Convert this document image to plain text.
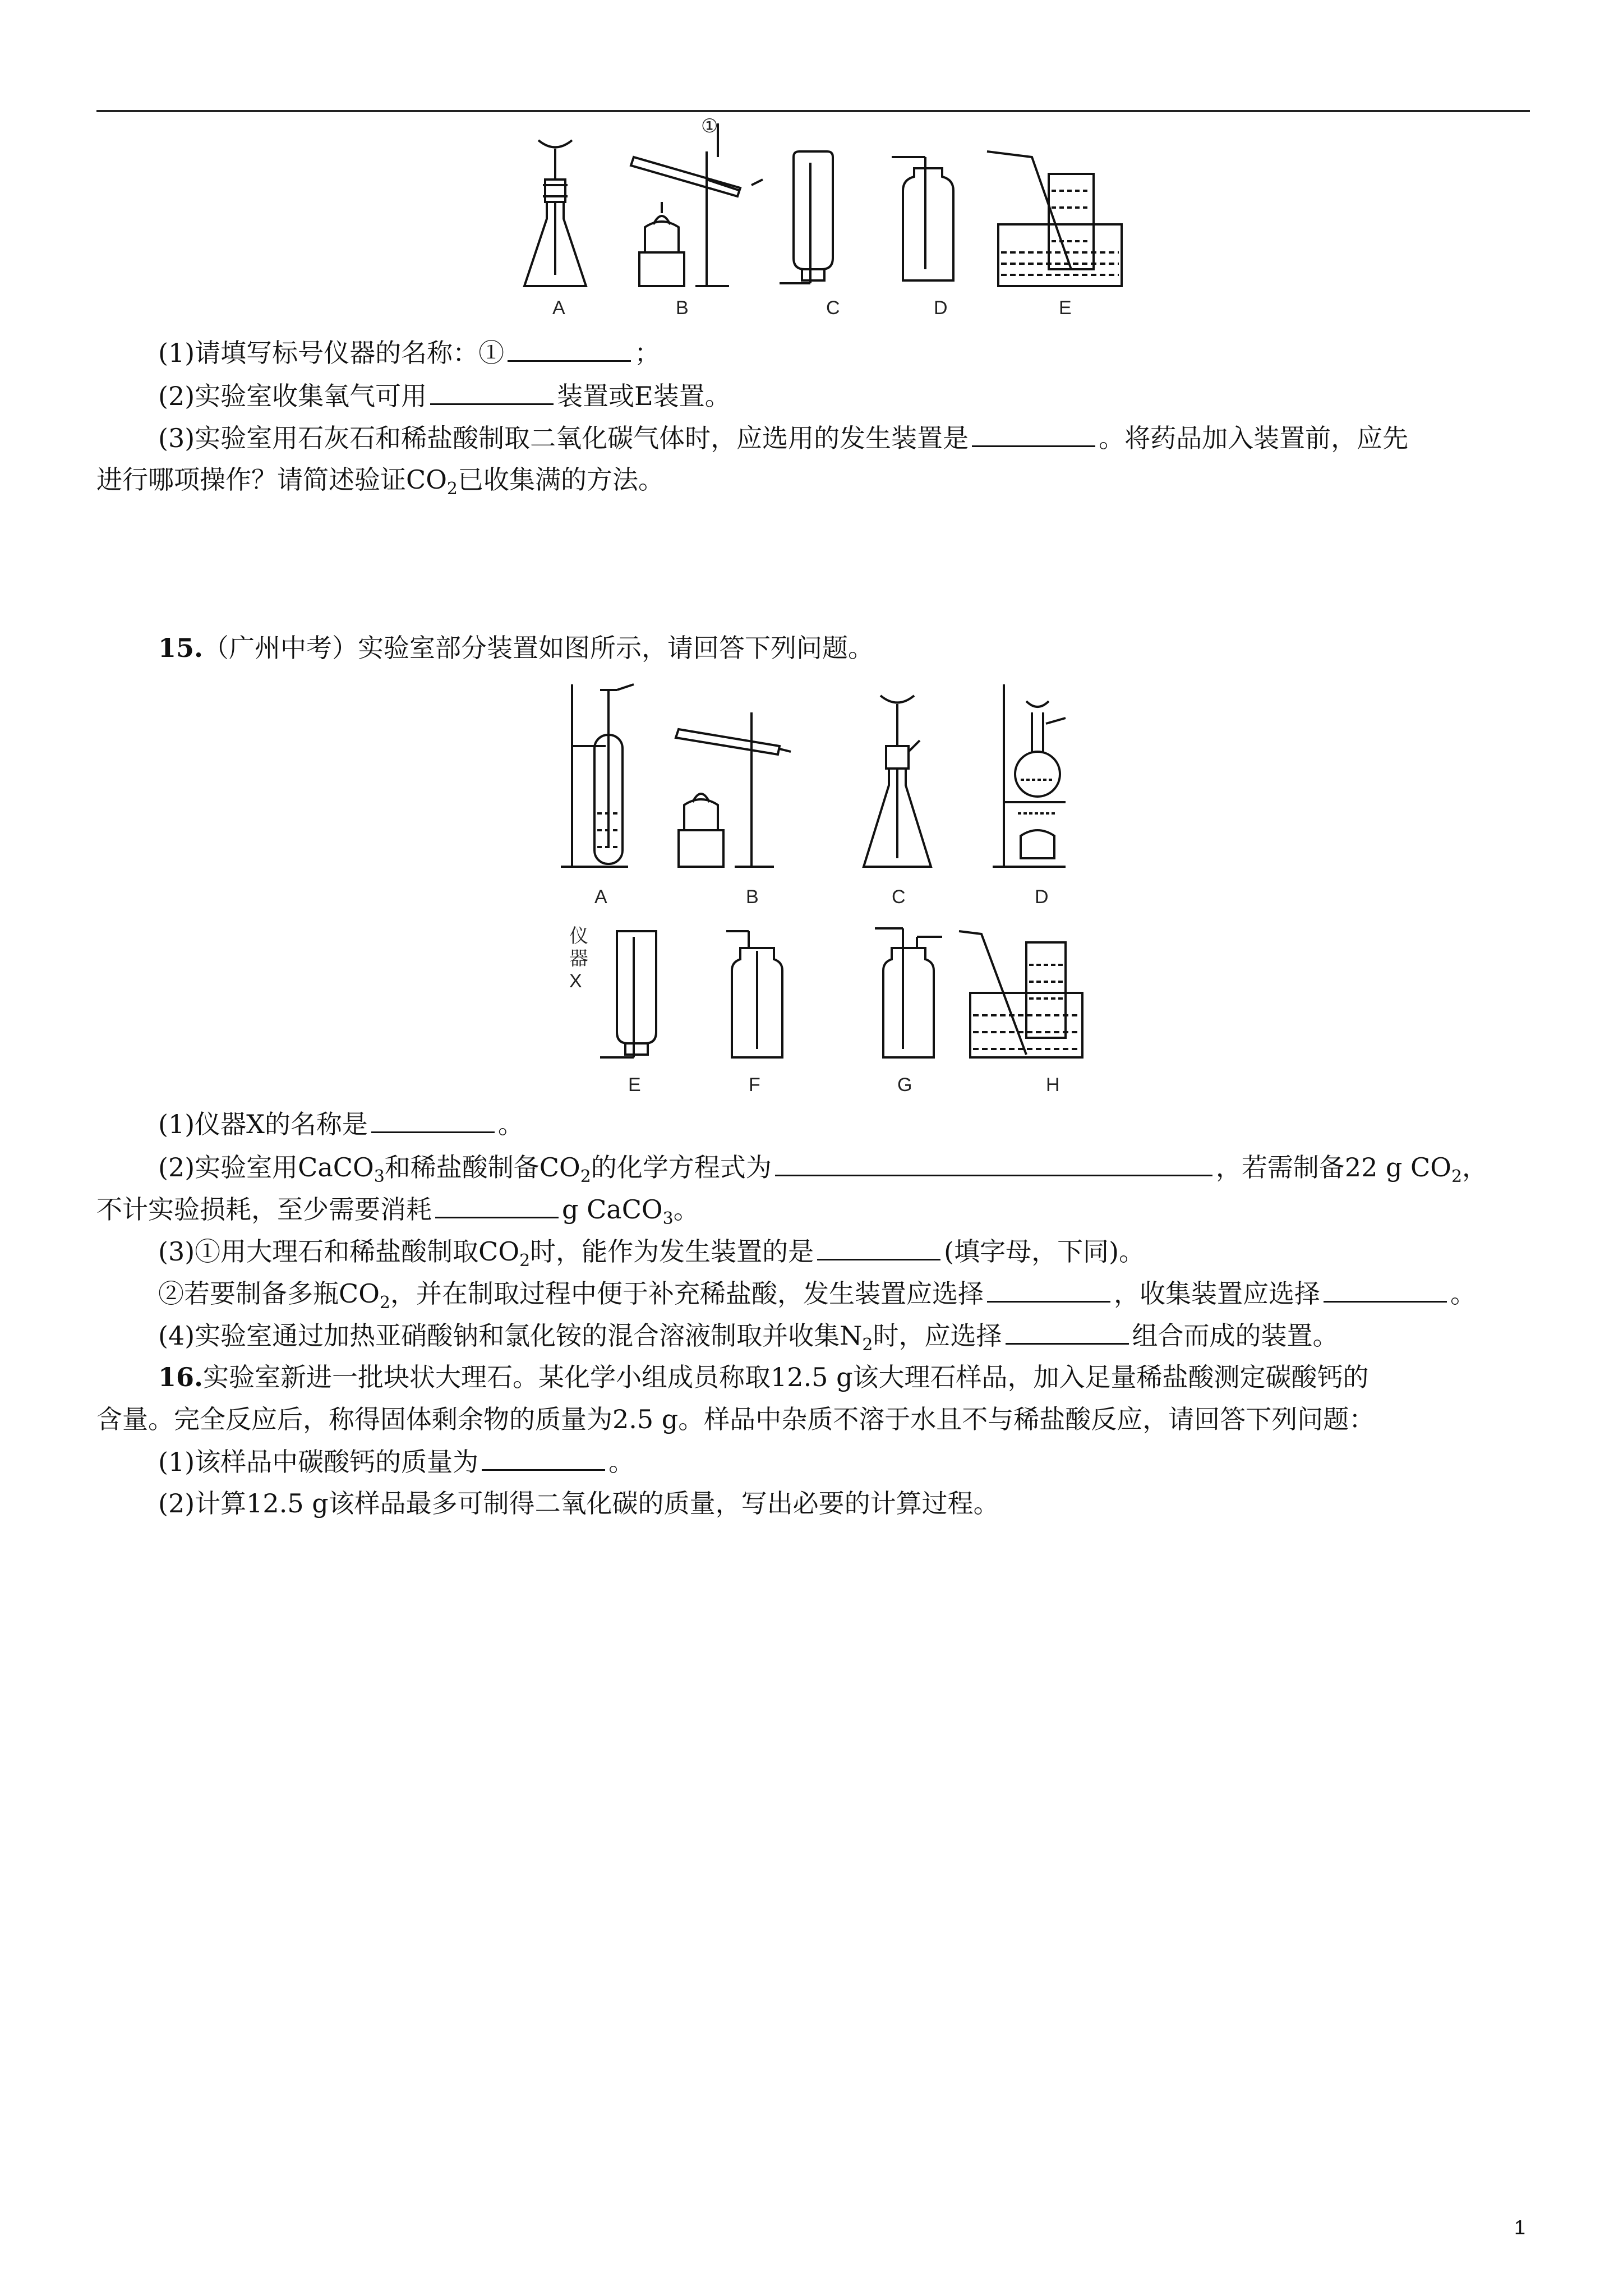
①
A	B	C	D	E
(1)请填写标号仪器的名称：①	；
(2)实验室收集氧气可用	装置或E装置。
(3)实验室用石灰石和稀盐酸制取二氧化碳气体时，应选用的发生装置是	。将药品加入装置前，应先
进行哪项操作？请简述验证$CO_2$已收集满的方法。
15.（广州中考）实验室部分装置如图所示，请回答下列问题。
A	B	C	D
仪
器
X
E	F	G	H
(1)仪器X的名称是	。
(2)实验室用CaCO$_3$和稀盐酸制备$CO_2$的化学方程式为	，若需制备22 g $CO_2$，
不计实验损耗，至少需要消耗	g CaCO$_3$。
(3)①用大理石和稀盐酸制取$CO_2$时，能作为发生装置的是	(填字母，下同)。
②若要制备多瓶$CO_2$，并在制取过程中便于补充稀盐酸，发生装置应选择	，收集装置应选择	。
(4)实验室通过加热亚硝酸钠和氯化铵的混合溶液制取并收集$N_2$时，应选择	组合而成的装置。
16.实验室新进一批块状大理石。某化学小组成员称取12.5 g该大理石样品，加入足量稀盐酸测定碳酸钙的
含量。完全反应后，称得固体剩余物的质量为2.5 g。样品中杂质不溶于水且不与稀盐酸反应，请回答下列问题：
(1)该样品中碳酸钙的质量为	。
(2)计算12.5 g该样品最多可制得二氧化碳的质量，写出必要的计算过程。
1
